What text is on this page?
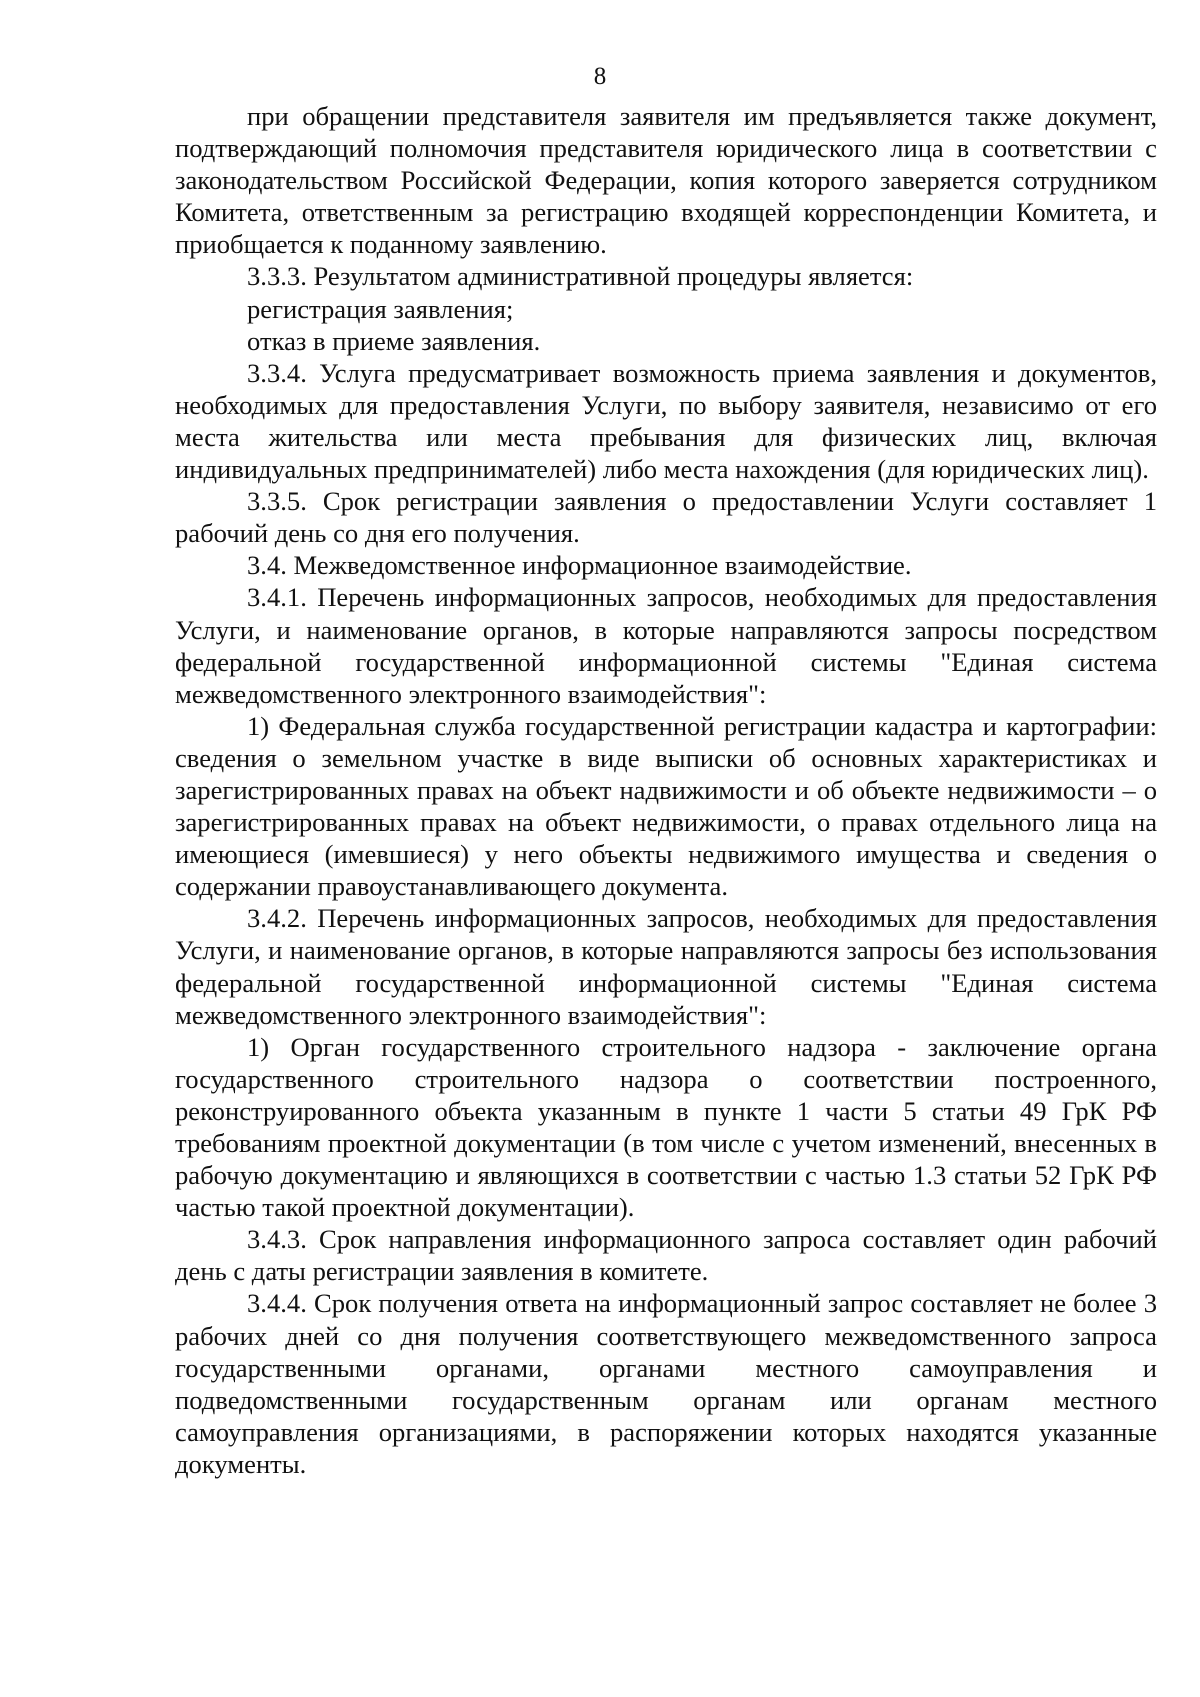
8

при обращении представителя заявителя им предъявляется также документ, подтверждающий полномочия представителя юридического лица в соответствии с законодательством Российской Федерации, копия которого заверяется сотрудником Комитета, ответственным за регистрацию входящей корреспонденции Комитета, и приобщается к поданному заявлению.

3.3.3. Результатом административной процедуры является:

регистрация заявления;

отказ в приеме заявления.

3.3.4. Услуга предусматривает возможность приема заявления и документов, необходимых для предоставления Услуги, по выбору заявителя, независимо от его места жительства или места пребывания для физических лиц, включая индивидуальных предпринимателей) либо места нахождения (для юридических лиц).

3.3.5. Срок регистрации заявления о предоставлении Услуги составляет 1 рабочий день со дня его получения.

3.4. Межведомственное информационное взаимодействие.

3.4.1. Перечень информационных запросов, необходимых для предоставления Услуги, и наименование органов, в которые направляются запросы посредством федеральной государственной информационной системы "Единая система межведомственного электронного взаимодействия":

1) Федеральная служба государственной регистрации кадастра и картографии: сведения о земельном участке в виде выписки об основных характеристиках и зарегистрированных правах на объект надвижимости и об объекте недвижимости – о зарегистрированных правах на объект недвижимости, о правах отдельного лица на имеющиеся (имевшиеся) у него объекты недвижимого имущества и сведения о содержании правоустанавливающего документа.

3.4.2. Перечень информационных запросов, необходимых для предоставления Услуги, и наименование органов, в которые направляются запросы без использования федеральной государственной информационной системы "Единая система межведомственного электронного взаимодействия":

1) Орган государственного строительного надзора - заключение органа государственного строительного надзора о соответствии построенного, реконструированного объекта указанным в пункте 1 части 5 статьи 49 ГрК РФ требованиям проектной документации (в том числе с учетом изменений, внесенных в рабочую документацию и являющихся в соответствии с частью 1.3 статьи 52 ГрК РФ частью такой проектной документации).

3.4.3. Срок направления информационного запроса составляет один рабочий день с даты регистрации заявления в комитете.

3.4.4. Срок получения ответа на информационный запрос составляет не более 3 рабочих дней со дня получения соответствующего межведомственного запроса государственными органами, органами местного самоуправления и подведомственными государственным органам или органам местного самоуправления организациями, в распоряжении которых находятся указанные документы.
